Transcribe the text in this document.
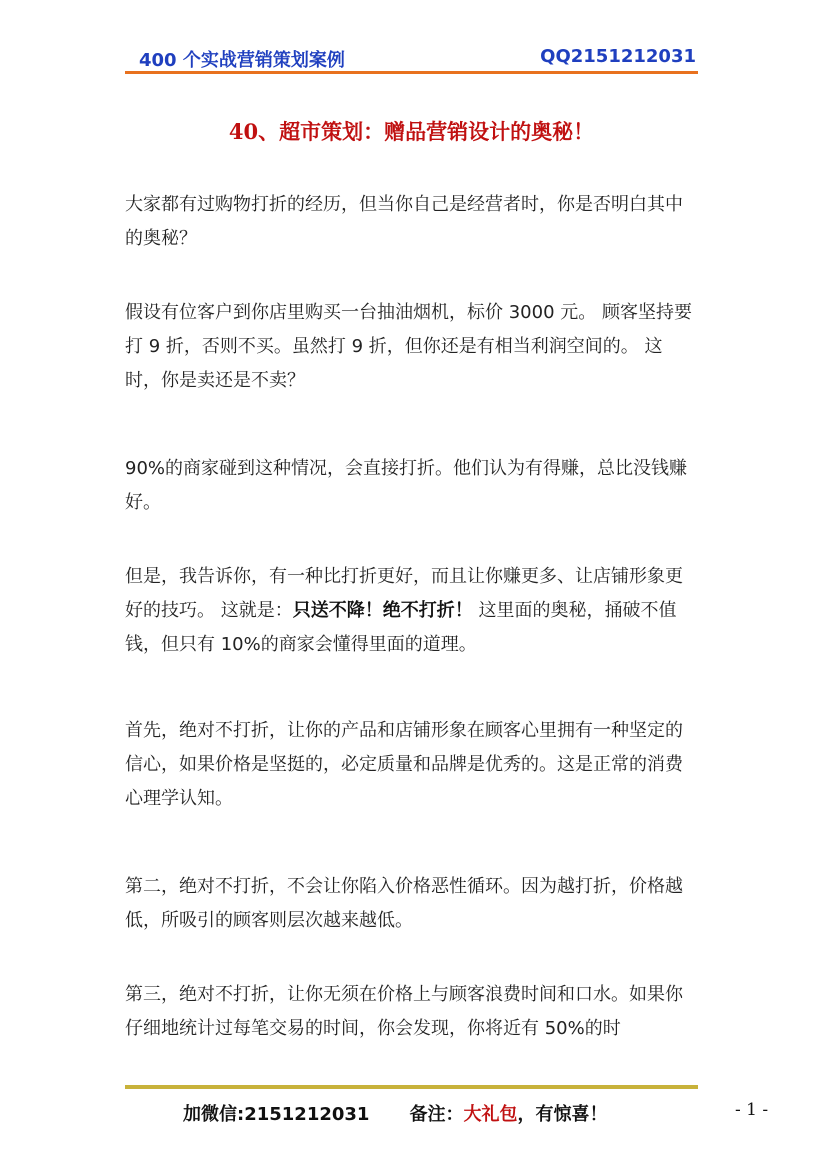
400 个实战营销策划案例	QQ2151212031
40、超市策划：赠品营销设计的奥秘！

大家都有过购物打折的经历，但当你自己是经营者时，你是否明白其中的奥秘？

假设有位客户到你店里购买一台抽油烟机，标价 3000 元。 顾客坚持要打 9 折，否则不买。虽然打 9 折，但你还是有相当利润空间的。 这时，你是卖还是不卖？

90%的商家碰到这种情况，会直接打折。他们认为有得赚，总比没钱赚好。

但是，我告诉你，有一种比打折更好，而且让你赚更多、让店铺形象更好的技巧。 这就是：只送不降！绝不打折！ 这里面的奥秘，捅破不值钱，但只有 10%的商家会懂得里面的道理。

首先，绝对不打折，让你的产品和店铺形象在顾客心里拥有一种坚定的信心，如果价格是坚挺的，必定质量和品牌是优秀的。这是正常的消费心理学认知。

第二，绝对不打折，不会让你陷入价格恶性循环。因为越打折，价格越低，所吸引的顾客则层次越来越低。

第三，绝对不打折，让你无须在价格上与顾客浪费时间和口水。如果你仔细地统计过每笔交易的时间，你会发现，你将近有 50%的时

加微信:2151212031 备注：大礼包，有惊喜！	- 1 -
